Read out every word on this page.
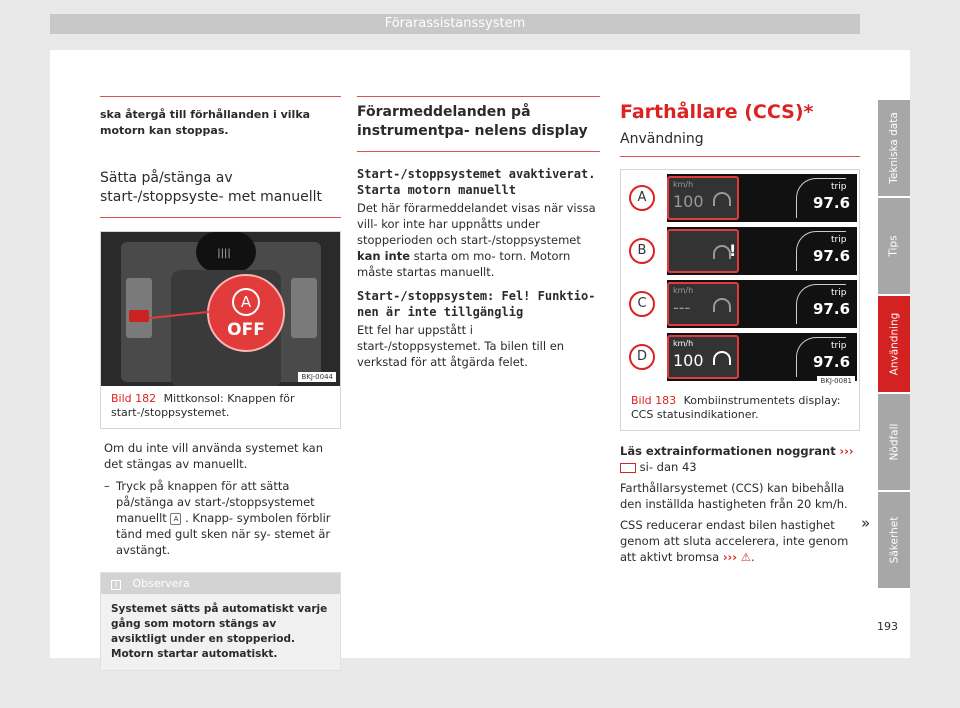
Förarassistanssystem
ska återgå till förhållanden i vilka motorn kan stoppas.
Sätta på/stänga av start-/stoppsyste- met manuellt
||||
A
OFF
BKJ-0044
Bild 182 Mittkonsol: Knappen för start-/stoppsystemet.
Om du inte vill använda systemet kan det stängas av manuellt.
– Tryck på knappen för att sätta på/stänga av start-/stoppsystemet manuellt A . Knapp- symbolen förblir tänd med gult sken när sy- stemet är avstängt.
i Observera
Systemet sätts på automatiskt varje gång som motorn stängs av avsiktligt under en stopperiod. Motorn startar automatiskt.
Förarmeddelanden på instrumentpa- nelens display
Start-/stoppsystemet avaktiverat. Starta motorn manuellt
Det här förarmeddelandet visas när vissa vill- kor inte har uppnåtts under stopperioden och start-/stoppsystemet kan inte starta om mo- torn. Motorn måste startas manuellt.
Start-/stoppsystem: Fel! Funktio- nen är inte tillgänglig
Ett fel har uppstått i start-/stoppsystemet. Ta bilen till en verkstad för att åtgärda felet.
Farthållare (CCS)*
Användning
A
km/h
100
trip
97.6
B	!
trip
97.6
C
km/h
---
trip
97.6
D
km/h
100
trip
97.6
BKJ-0081
Bild 183 Kombiinstrumentets display: CCS statusindikationer.
Läs extrainformationen noggrant ›››  si- dan 43
Farthållarsystemet (CCS) kan bibehålla den inställda hastigheten från 20 km/h.
CSS reducerar endast bilen hastighet genom att sluta accelerera, inte genom att aktivt bromsa ››› ⚠.
»
Tekniska data
Tips
Användning
Nödfall
Säkerhet
193
